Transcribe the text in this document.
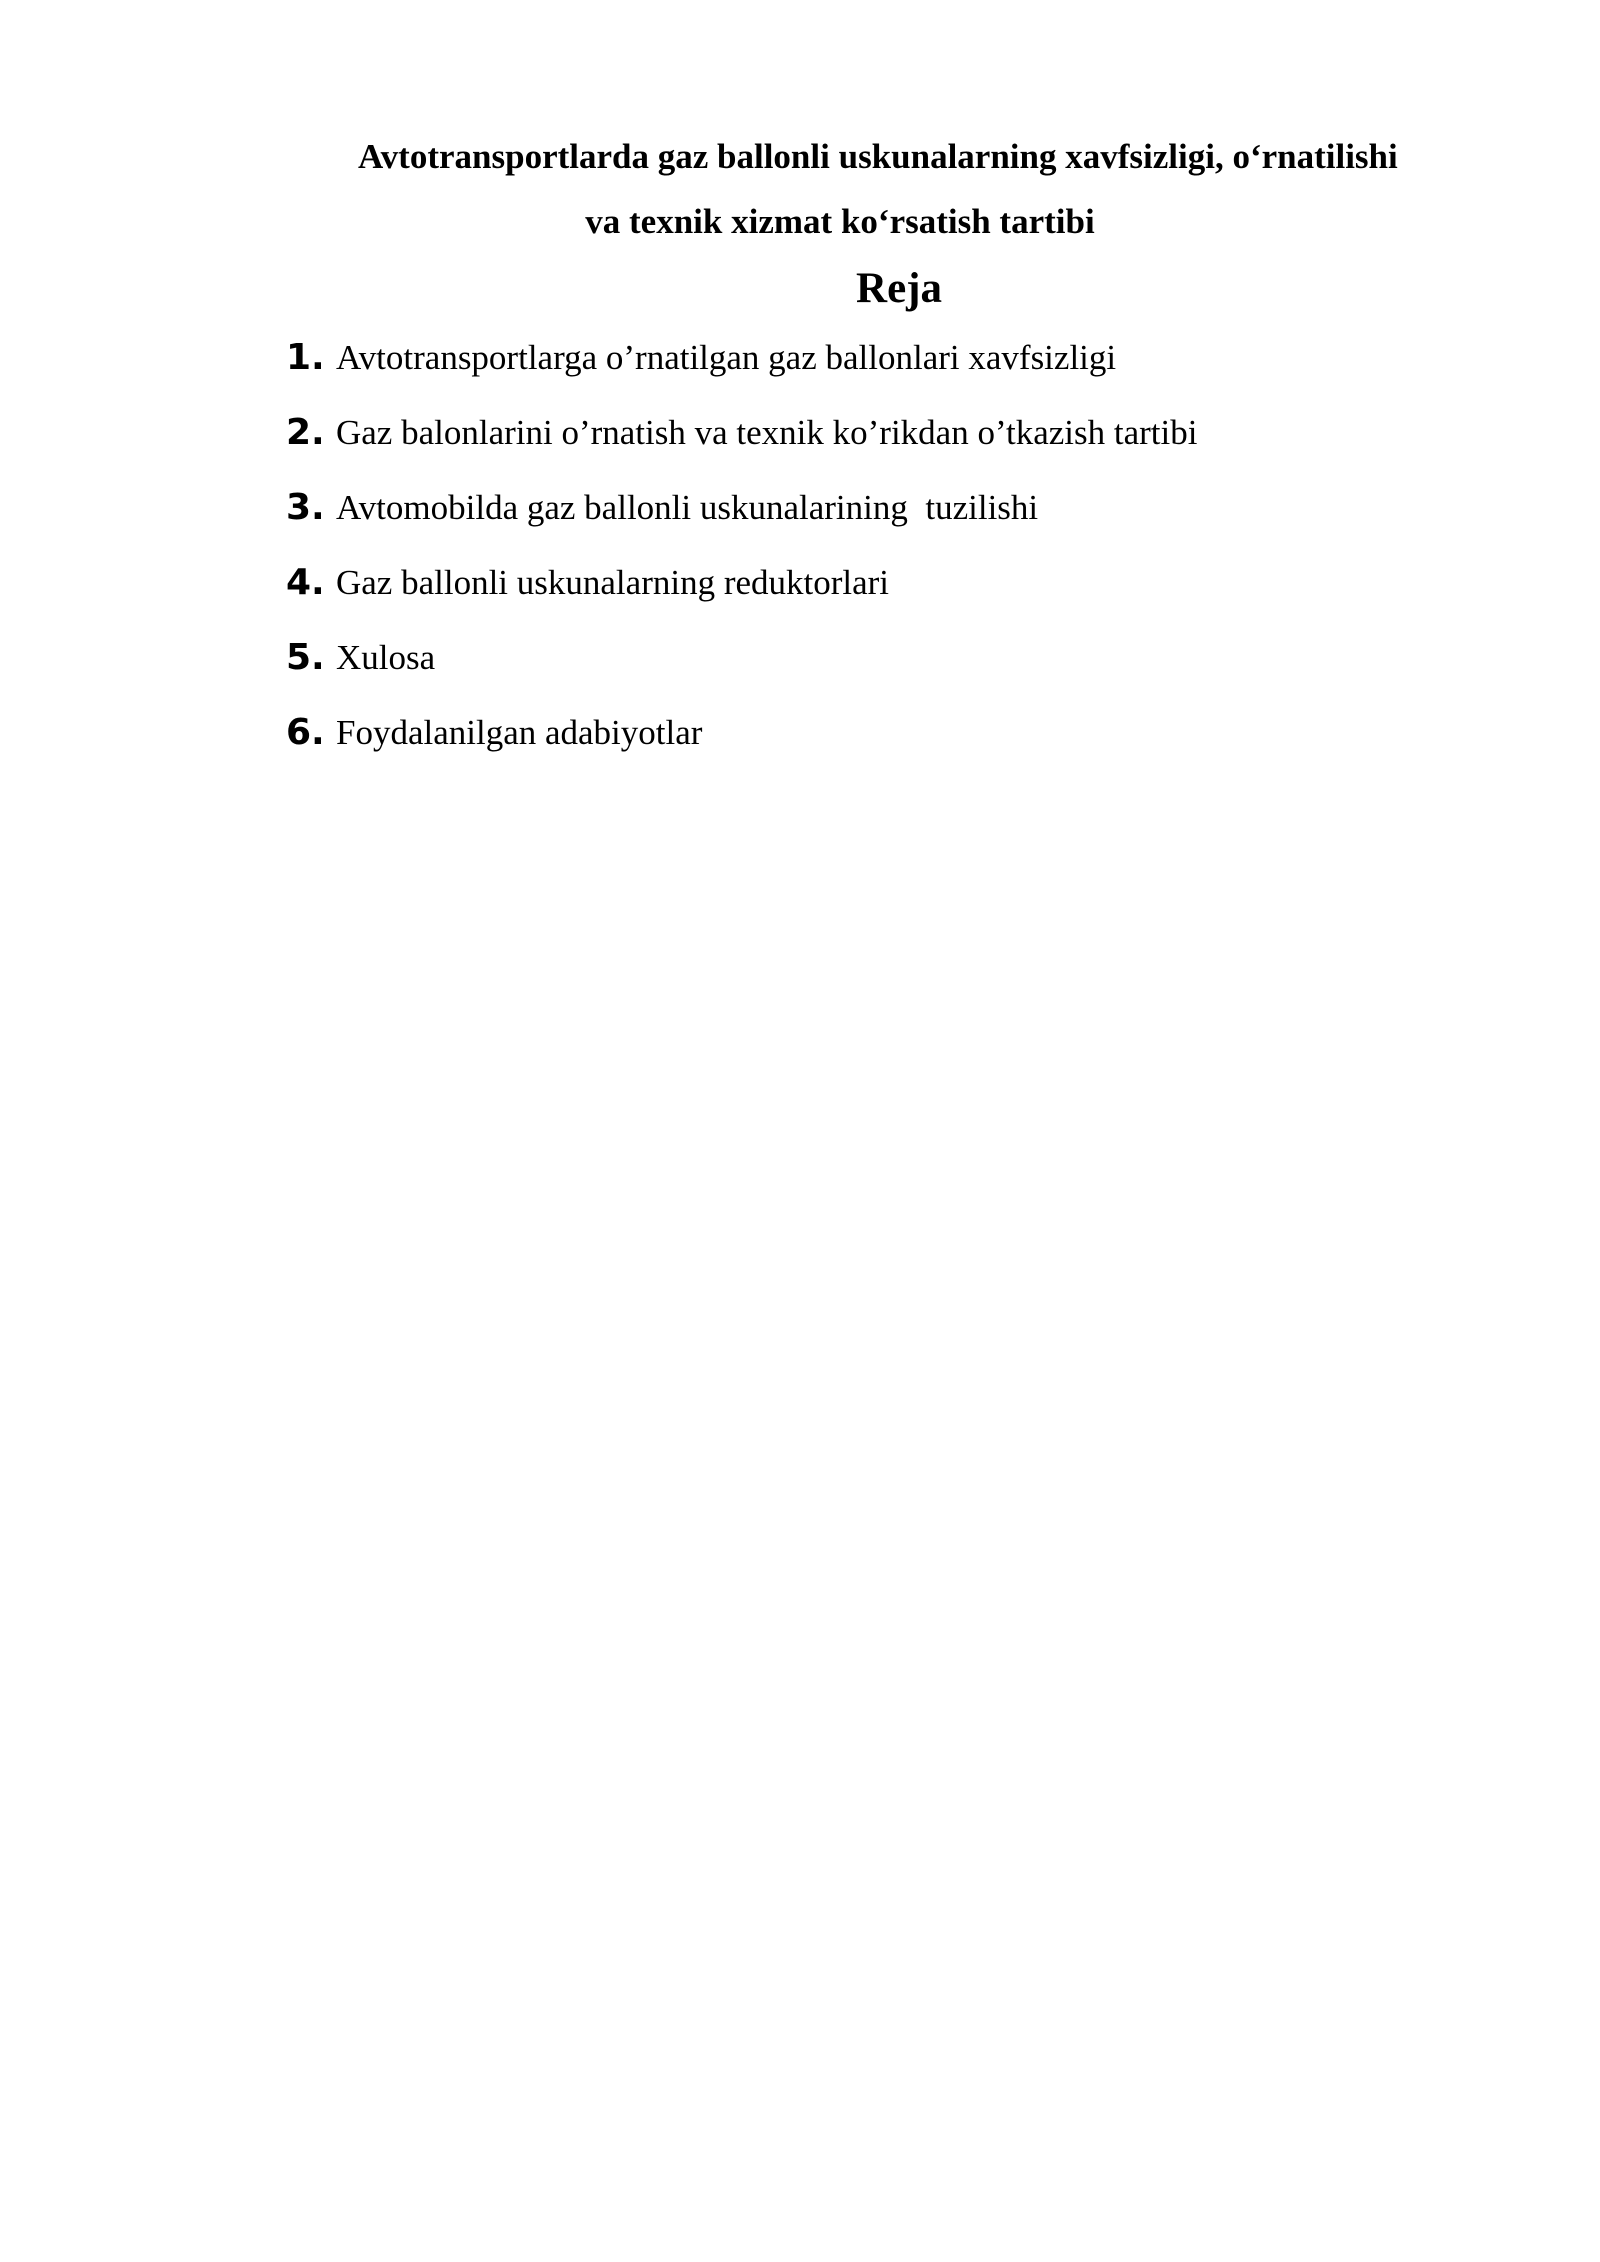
Avtotransportlarda gaz ballonli uskunalarning xavfsizligi, o‘rnatilishi
va texnik xizmat ko‘rsatish tartibi
Reja
1. Avtotransportlarga o’rnatilgan gaz ballonlari xavfsizligi
2. Gaz balonlarini o’rnatish va texnik ko’rikdan o’tkazish tartibi
3. Avtomobilda gaz ballonli uskunalarining  tuzilishi
4. Gaz ballonli uskunalarning reduktorlari
5. Xulosa
6. Foydalanilgan adabiyotlar
